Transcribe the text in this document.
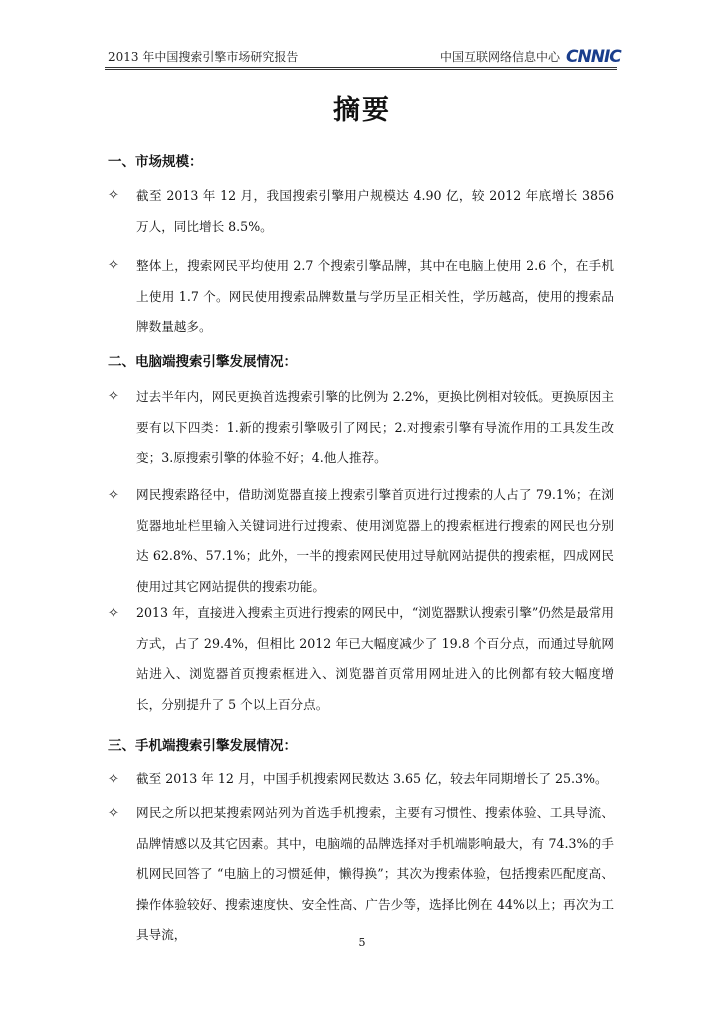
2013 年中国搜索引擎市场研究报告	中国互联网络信息中心 CNNIC
摘要
一、市场规模：
✧ 截至 2013 年 12 月，我国搜索引擎用户规模达 4.90 亿，较 2012 年底增长 3856 万人，同比增长 8.5%。
✧ 整体上，搜索网民平均使用 2.7 个搜索引擎品牌，其中在电脑上使用 2.6 个，在手机上使用 1.7 个。网民使用搜索品牌数量与学历呈正相关性，学历越高，使用的搜索品牌数量越多。
二、电脑端搜索引擎发展情况：
✧ 过去半年内，网民更换首选搜索引擎的比例为 2.2%，更换比例相对较低。更换原因主要有以下四类：1.新的搜索引擎吸引了网民；2.对搜索引擎有导流作用的工具发生改变；3.原搜索引擎的体验不好；4.他人推荐。
✧ 网民搜索路径中，借助浏览器直接上搜索引擎首页进行过搜索的人占了 79.1%；在浏览器地址栏里输入关键词进行过搜索、使用浏览器上的搜索框进行搜索的网民也分别达 62.8%、57.1%；此外，一半的搜索网民使用过导航网站提供的搜索框，四成网民使用过其它网站提供的搜索功能。
✧ 2013 年，直接进入搜索主页进行搜索的网民中，“浏览器默认搜索引擎”仍然是最常用方式，占了 29.4%，但相比 2012 年已大幅度减少了 19.8 个百分点，而通过导航网站进入、浏览器首页搜索框进入、浏览器首页常用网址进入的比例都有较大幅度增长，分别提升了 5 个以上百分点。
三、手机端搜索引擎发展情况：
✧ 截至 2013 年 12 月，中国手机搜索网民数达 3.65 亿，较去年同期增长了 25.3%。
✧ 网民之所以把某搜索网站列为首选手机搜索，主要有习惯性、搜索体验、工具导流、品牌情感以及其它因素。其中，电脑端的品牌选择对手机端影响最大，有 74.3%的手机网民回答了 “电脑上的习惯延伸，懒得换”；其次为搜索体验，包括搜索匹配度高、操作体验较好、搜索速度快、安全性高、广告少等，选择比例在 44%以上；再次为工具导流，
5
